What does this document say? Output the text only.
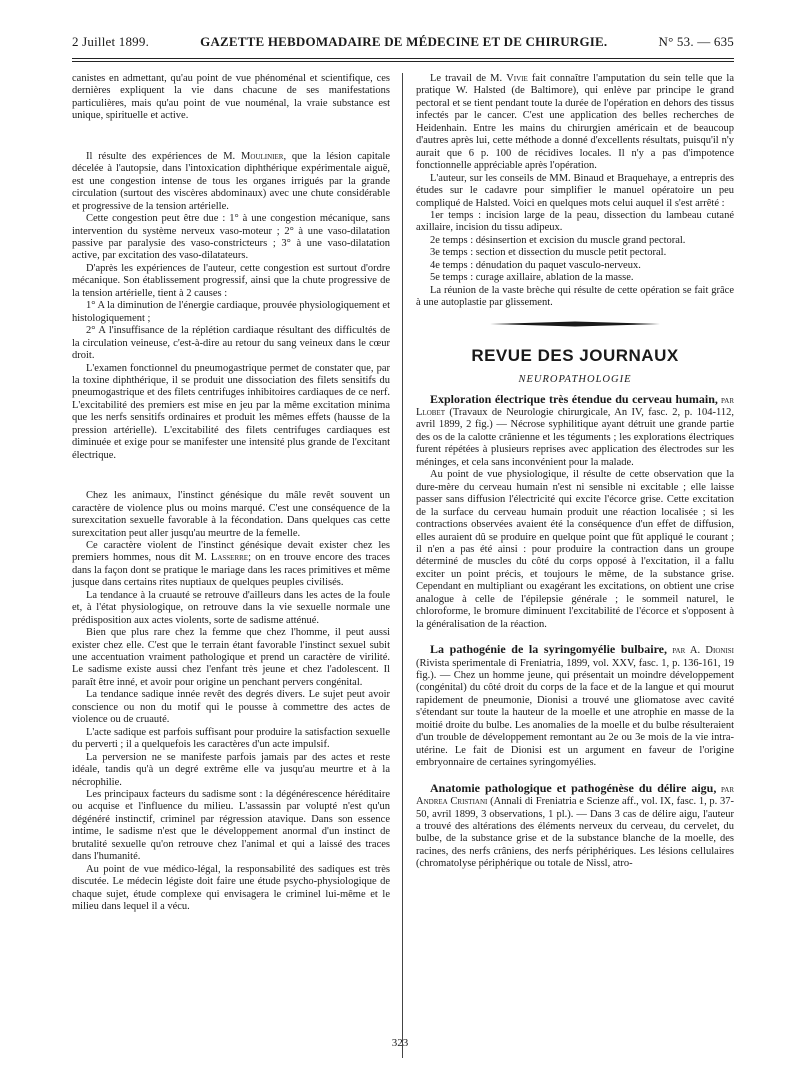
2 Juillet 1899.	GAZETTE HEBDOMADAIRE DE MÉDECINE ET DE CHIRURGIE.	N° 53. — 635

canistes en admettant, qu'au point de vue phénoménal et scientifique, ces dernières expliquent la vie dans chacune de ses manifestations particulières, mais qu'au point de vue nouménal, la vraie substance est unique, spirituelle et active.

Il résulte des expériences de M. Moulinier, que la lésion capitale décelée à l'autopsie, dans l'intoxication diphthérique expérimentale aiguë, est une congestion intense de tous les organes irrigués par la grande circulation (surtout des viscères abdominaux) avec une chute considérable et progressive de la tension artérielle.

Cette congestion peut être due : 1° à une congestion mécanique, sans intervention du système nerveux vaso-moteur ; 2° à une vaso-dilatation passive par paralysie des vaso-constricteurs ; 3° à une vaso-dilatation active, par excitation des vaso-dilatateurs.

D'après les expériences de l'auteur, cette congestion est surtout d'ordre mécanique. Son établissement progressif, ainsi que la chute progressive de la tension artérielle, tient à 2 causes :

1° A la diminution de l'énergie cardiaque, prouvée physiologiquement et histologiquement ;

2° A l'insuffisance de la réplétion cardiaque résultant des difficultés de la circulation veineuse, c'est-à-dire au retour du sang veineux dans le cœur droit.

L'examen fonctionnel du pneumogastrique permet de constater que, par la toxine diphthérique, il se produit une dissociation des filets sensitifs du pneumogastrique et des filets centrifuges inhibitoires cardiaques de ce nerf. L'excitabilité des premiers est mise en jeu par la même excitation minima que les nerfs sensitifs ordinaires et produit les mêmes effets (hausse de la pression artérielle). L'excitabilité des filets centrifuges cardiaques est diminuée et exige pour se manifester une intensité plus grande de l'excitant électrique.

Chez les animaux, l'instinct génésique du mâle revêt souvent un caractère de violence plus ou moins marqué. C'est une conséquence de la surexcitation sexuelle favorable à la fécondation. Dans quelques cas cette surexcitation peut aller jusqu'au meurtre de la femelle.

Ce caractère violent de l'instinct génésique devait exister chez les premiers hommes, nous dit M. Lasserre; on en trouve encore des traces dans la façon dont se pratique le mariage dans les races primitives et même jusque dans certains rites nuptiaux de quelques peuples civilisés.

La tendance à la cruauté se retrouve d'ailleurs dans les actes de la foule et, à l'état physiologique, on retrouve dans la vie sexuelle normale une prédisposition aux actes violents, sorte de sadisme atténué.

Bien que plus rare chez la femme que chez l'homme, il peut aussi exister chez elle. C'est que le terrain étant favorable l'instinct sexuel subit une accentuation vraiment pathologique et prend un caractère de virilité. Le sadisme existe aussi chez l'enfant très jeune et chez l'adolescent. Il paraît être inné, et avoir pour origine un penchant pervers congénital.

La tendance sadique innée revêt des degrés divers. Le sujet peut avoir conscience ou non du motif qui le pousse à commettre des actes de violence ou de cruauté.

L'acte sadique est parfois suffisant pour produire la satisfaction sexuelle du perverti ; il a quelquefois les caractères d'un acte impulsif.

La perversion ne se manifeste parfois jamais par des actes et reste idéale, tandis qu'à un degré extrême elle va jusqu'au meurtre et à la nécrophilie.

Les principaux facteurs du sadisme sont : la dégénérescence héréditaire ou acquise et l'influence du milieu. L'assassin par volupté n'est qu'un dégénéré instinctif, criminel par régression atavique. Dans son essence intime, le sadisme n'est que le développement anormal d'un instinct de brutalité sexuelle qu'on retrouve chez l'animal et qui a laissé des traces dans l'humanité.

Au point de vue médico-légal, la responsabilité des sadiques est très discutée. Le médecin légiste doit faire une étude psycho-physiologique de chaque sujet, étude complexe qui envisagera le criminel lui-même et le milieu dans lequel il a vécu.

Le travail de M. Vivie fait connaître l'amputation du sein telle que la pratique W. Halsted (de Baltimore), qui enlève par principe le grand pectoral et se tient pendant toute la durée de l'opération en dehors des tissus infectés par le cancer. C'est une application des belles recherches de Heidenhain. Entre les mains du chirurgien américain et de beaucoup d'autres après lui, cette méthode a donné d'excellents résultats, puisqu'il n'y aurait que 6 p. 100 de récidives locales. Il n'y a pas d'impotence fonctionnelle appréciable après l'opération.

L'auteur, sur les conseils de MM. Binaud et Braquehaye, a entrepris des études sur le cadavre pour simplifier le manuel opératoire un peu compliqué de Halsted. Voici en quelques mots celui auquel il s'est arrêté :

1er temps : incision large de la peau, dissection du lambeau cutané axillaire, incision du tissu adipeux.

2e temps : désinsertion et excision du muscle grand pectoral.

3e temps : section et dissection du muscle petit pectoral.

4e temps : dénudation du paquet vasculo-nerveux.

5e temps : curage axillaire, ablation de la masse.

La réunion de la vaste brèche qui résulte de cette opération se fait grâce à une autoplastie par glissement.

REVUE DES JOURNAUX
NEUROPATHOLOGIE

Exploration électrique très étendue du cerveau humain, par Llobet (Travaux de Neurologie chirurgicale, An IV, fasc. 2, p. 104-112, avril 1899, 2 fig.) — Nécrose syphilitique ayant détruit une grande partie des os de la calotte crânienne et les téguments ; les explorations électriques furent répétées à plusieurs reprises avec application des électrodes sur les méninges, et cela sans inconvénient pour la malade.

Au point de vue physiologique, il résulte de cette observation que la dure-mère du cerveau humain n'est ni sensible ni excitable ; elle laisse passer sans diffusion l'électricité qui excite l'écorce grise. Cette excitation de la surface du cerveau humain produit une réaction localisée ; si les contractions observées avaient été la conséquence d'un effet de diffusion, elles auraient dû se produire en quelque point que fût appliqué le courant ; il n'en a pas été ainsi : pour produire la contraction dans un groupe déterminé de muscles du côté du corps opposé à l'excitation, il a fallu exciter un point précis, et toujours le même, de la substance grise. Cependant en multipliant ou exagérant les excitations, on obtient une crise analogue à celle de l'épilepsie générale ; le sommeil naturel, le chloroforme, le bromure diminuent l'excitabilité de l'écorce et s'opposent à la généralisation de la réaction.

La pathogénie de la syringomyélie bulbaire, par A. Dionisi (Rivista sperimentale di Freniatria, 1899, vol. XXV, fasc. 1, p. 136-161, 19 fig.). — Chez un homme jeune, qui présentait un moindre développement (congénital) du côté droit du corps de la face et de la langue et qui mourut rapidement de pneumonie, Dionisi a trouvé une gliomatose avec cavité s'étendant sur toute la hauteur de la moelle et une atrophie en masse de la moitié droite du bulbe. Les anomalies de la moelle et du bulbe résulteraient d'un trouble de développement remontant au 2e ou 3e mois de la vie intra-utérine. Le fait de Dionisi est un argument en faveur de l'origine embryonnaire de certaines syringomyélies.

Anatomie pathologique et pathogénèse du délire aigu, par Andrea Cristiani (Annali di Freniatria e Scienze aff., vol. IX, fasc. 1, p. 37-50, avril 1899, 3 observations, 1 pl.). — Dans 3 cas de délire aigu, l'auteur a trouvé des altérations des éléments nerveux du cerveau, du cervelet, du bulbe, de la substance grise et de la substance blanche de la moelle, des racines, des nerfs crâniens, des nerfs périphériques. Les lésions cellulaires (chromatolyse périphérique ou totale de Nissl, atro-

323
